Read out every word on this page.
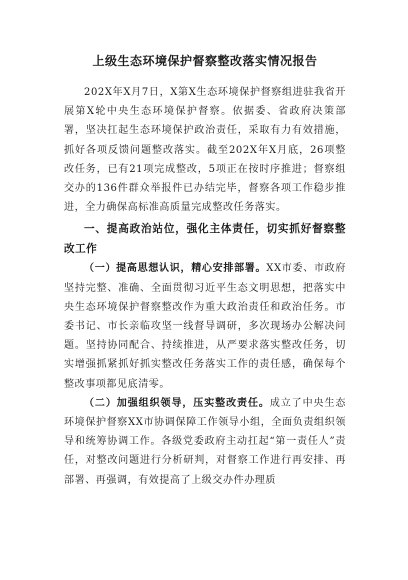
上级生态环境保护督察整改落实情况报告

202X年X月7日，X第X生态环境保护督察组进驻我省开展第X轮中央生态环境保护督察。依据委、省政府决策部署，坚决扛起生态环境保护政治责任，采取有力有效措施，抓好各项反馈问题整改落实。截至202X年X月底，26项整改任务，已有21项完成整改，5项正在按时序推进；督察组交办的136件群众举报件已办结完毕，督察各项工作稳步推进，全力确保高标准高质量完成整改任务落实。

一、提高政治站位，强化主体责任，切实抓好督察整改工作

（一）提高思想认识，精心安排部署。XX市委、市政府坚持完整、准确、全面贯彻习近平生态文明思想，把落实中央生态环境保护督察整改作为重大政治责任和政治任务。市委书记、市长亲临攻坚一线督导调研，多次现场办公解决问题。坚持协同配合、持续推进，从严要求落实整改任务，切实增强抓紧抓好抓实整改任务落实工作的责任感，确保每个整改事项都见底清零。

（二）加强组织领导，压实整改责任。成立了中央生态环境保护督察XX市协调保障工作领导小组，全面负责组织领导和统筹协调工作。各级党委政府主动扛起“第一责任人”责任，对整改问题进行分析研判，对督察工作进行再安排、再部署、再强调，有效提高了上级交办件办理质
